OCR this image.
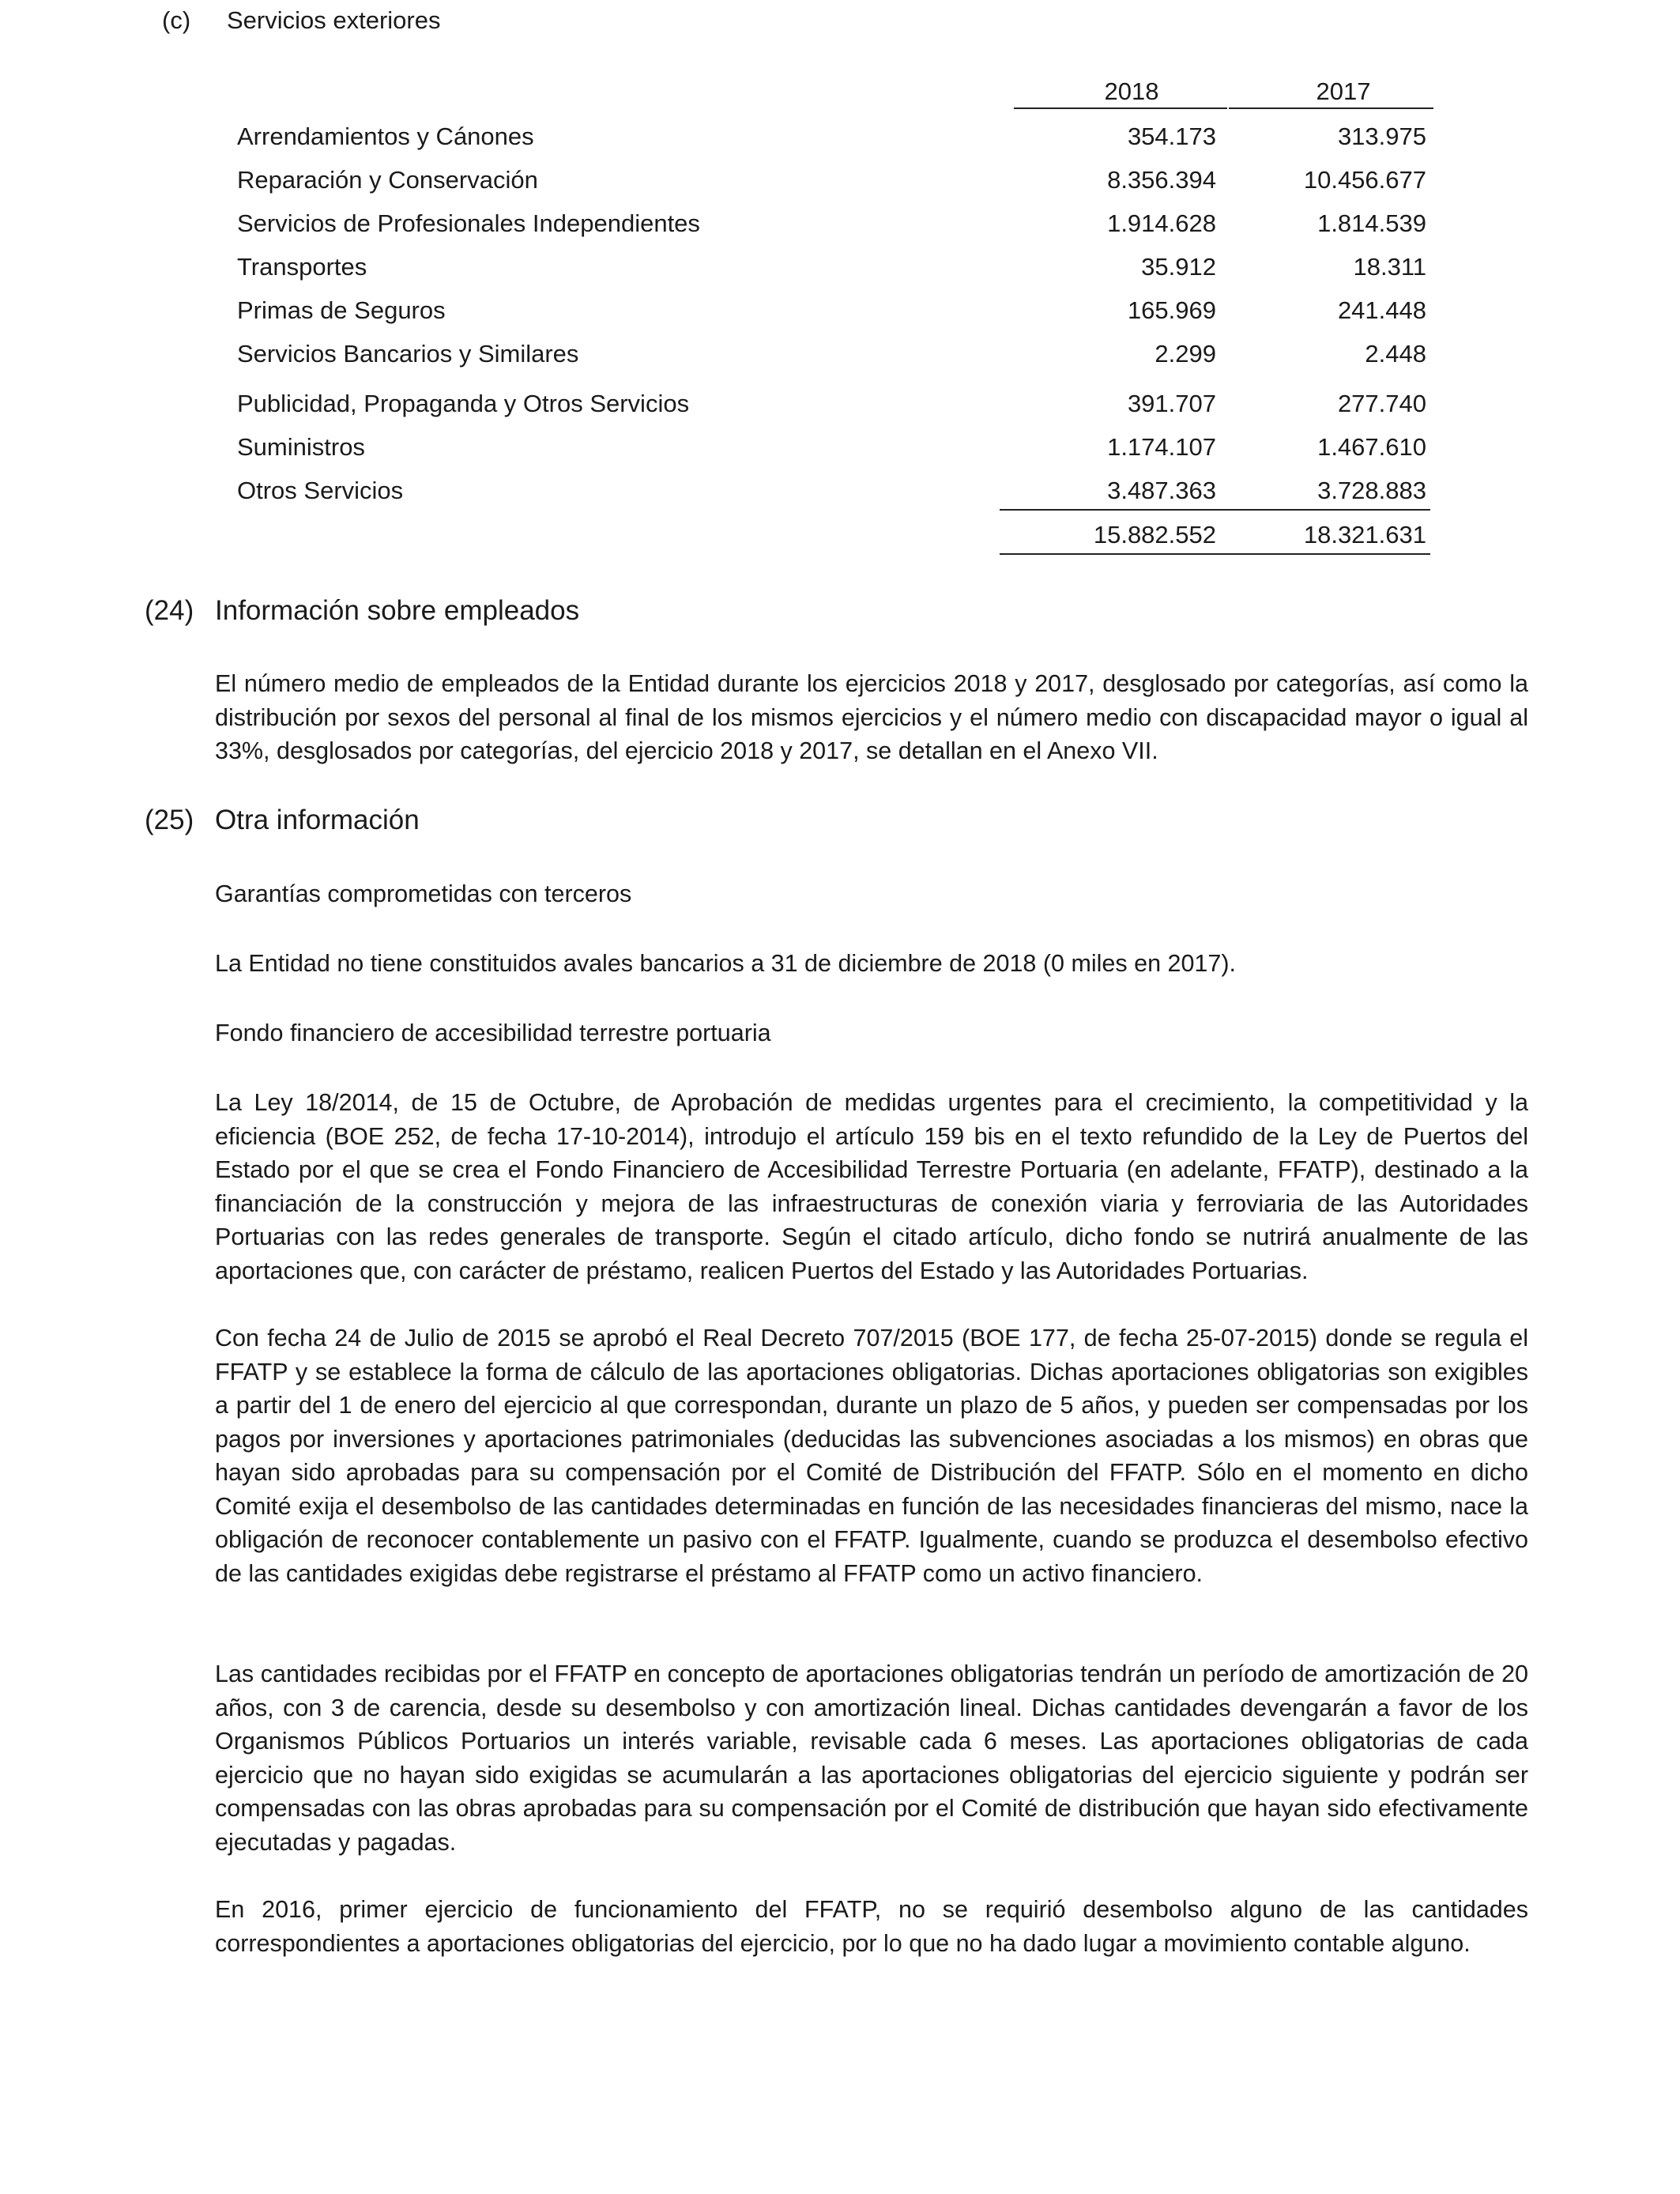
(c) Servicios exteriores
2018	2017
Arrendamientos y Cánones	354.173	313.975
Reparación y Conservación	8.356.394	10.456.677
Servicios de Profesionales Independientes	1.914.628	1.814.539
Transportes	35.912	18.311
Primas de Seguros	165.969	241.448
Servicios Bancarios y Similares	2.299	2.448
Publicidad, Propaganda y Otros Servicios	391.707	277.740
Suministros	1.174.107	1.467.610
Otros Servicios	3.487.363	3.728.883
15.882.552	18.321.631
(24) Información sobre empleados
El número medio de empleados de la Entidad durante los ejercicios 2018 y 2017, desglosado por categorías, así como la distribución por sexos del personal al final de los mismos ejercicios y el número medio con discapacidad mayor o igual al 33%, desglosados por categorías, del ejercicio 2018 y 2017, se detallan en el Anexo VII.
(25) Otra información
Garantías comprometidas con terceros
La Entidad no tiene constituidos avales bancarios a 31 de diciembre de 2018 (0 miles en 2017).
Fondo financiero de accesibilidad terrestre portuaria
La Ley 18/2014, de 15 de Octubre, de Aprobación de medidas urgentes para el crecimiento, la competitividad y la eficiencia (BOE 252, de fecha 17-10-2014), introdujo el artículo 159 bis en el texto refundido de la Ley de Puertos del Estado por el que se crea el Fondo Financiero de Accesibilidad Terrestre Portuaria (en adelante, FFATP), destinado a la financiación de la construcción y mejora de las infraestructuras de conexión viaria y ferroviaria de las Autoridades Portuarias con las redes generales de transporte. Según el citado artículo, dicho fondo se nutrirá anualmente de las aportaciones que, con carácter de préstamo, realicen Puertos del Estado y las Autoridades Portuarias.
Con fecha 24 de Julio de 2015 se aprobó el Real Decreto 707/2015 (BOE 177, de fecha 25-07-2015) donde se regula el FFATP y se establece la forma de cálculo de las aportaciones obligatorias. Dichas aportaciones obligatorias son exigibles a partir del 1 de enero del ejercicio al que correspondan, durante un plazo de 5 años, y pueden ser compensadas por los pagos por inversiones y aportaciones patrimoniales (deducidas las subvenciones asociadas a los mismos) en obras que hayan sido aprobadas para su compensación por el Comité de Distribución del FFATP. Sólo en el momento en dicho Comité exija el desembolso de las cantidades determinadas en función de las necesidades financieras del mismo, nace la obligación de reconocer contablemente un pasivo con el FFATP. Igualmente, cuando se produzca el desembolso efectivo de las cantidades exigidas debe registrarse el préstamo al FFATP como un activo financiero.
Las cantidades recibidas por el FFATP en concepto de aportaciones obligatorias tendrán un período de amortización de 20 años, con 3 de carencia, desde su desembolso y con amortización lineal. Dichas cantidades devengarán a favor de los Organismos Públicos Portuarios un interés variable, revisable cada 6 meses. Las aportaciones obligatorias de cada ejercicio que no hayan sido exigidas se acumularán a las aportaciones obligatorias del ejercicio siguiente y podrán ser compensadas con las obras aprobadas para su compensación por el Comité de distribución que hayan sido efectivamente ejecutadas y pagadas.
En 2016, primer ejercicio de funcionamiento del FFATP, no se requirió desembolso alguno de las cantidades correspondientes a aportaciones obligatorias del ejercicio, por lo que no ha dado lugar a movimiento contable alguno.
